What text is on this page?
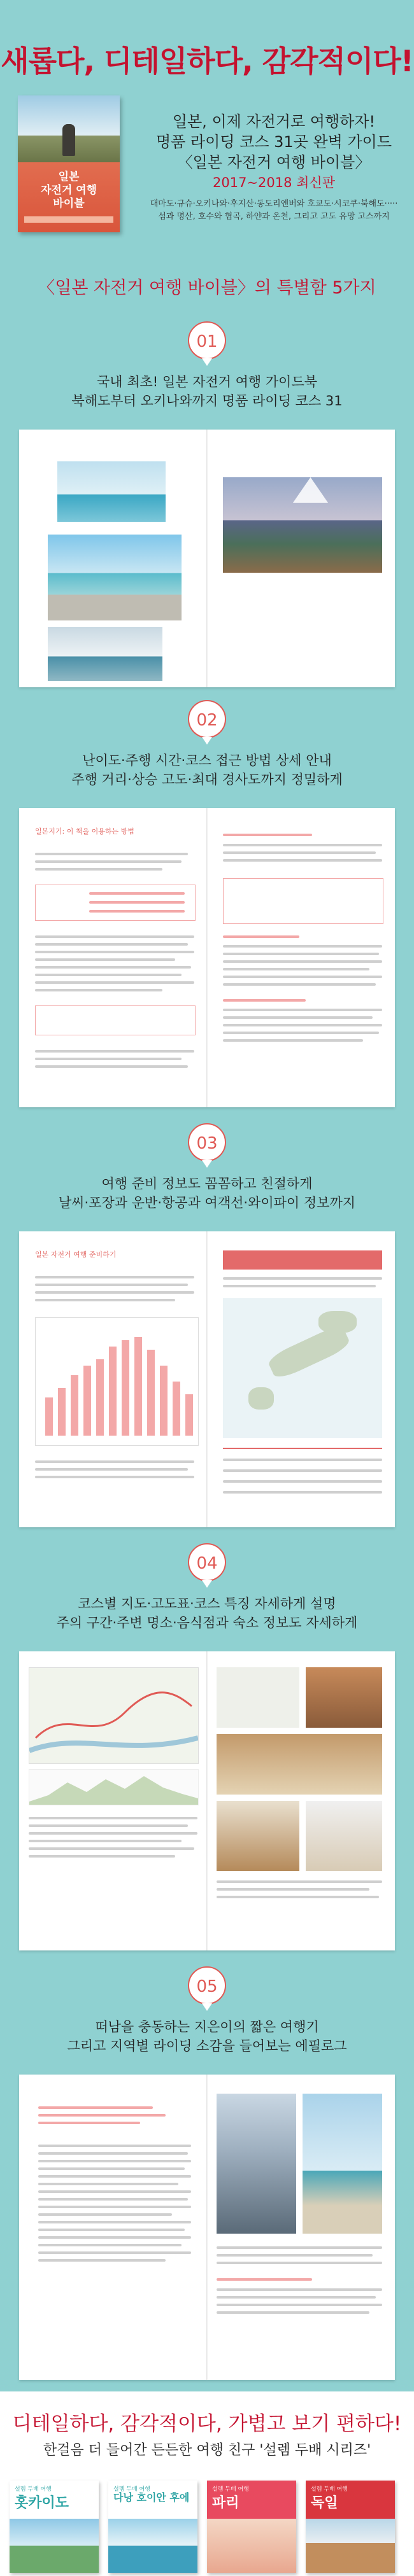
새롭다, 디테일하다, 감각적이다!
일본
자전거 여행
바이블
일본, 이제 자전거로 여행하자!
명품 라이딩 코스 31곳 완벽 가이드
〈일본 자전거 여행 바이블〉
2017~2018 최신판
대마도·규슈·오키나와·후지산·동도리엔버와 호쿄도·시코쿠·북해도·····
섬과 명산, 호수와 협곡, 하얀과 온천, 그리고 고도 유망 고스까지
〈일본 자전거 여행 바이블〉의 특별함 5가지
01
국내 최초! 일본 자전거 여행 가이드북
북해도부터 오키나와까지 명품 라이딩 코스 31
02
난이도·주행 시간·코스 접근 방법 상세 안내
주행 거리·상승 고도·최대 경사도까지 정밀하게
일본지기: 이 책을 이용하는 방법
03
여행 준비 정보도 꼼꼼하고 친절하게
날씨·포장과 운반·항공과 여객선·와이파이 정보까지
일본 자전거 여행 준비하기
04
코스별 지도·고도표·코스 특징 자세하게 설명
주의 구간·주변 명소·음식점과 숙소 정보도 자세하게
05
떠남을 충동하는 지은이의 짧은 여행기
그리고 지역별 라이딩 소감을 들어보는 에필로그
디테일하다, 감각적이다, 가볍고 보기 편하다!
한걸음 더 들어간 든든한 여행 친구 '설렘 두배 시리즈'
설렘 두배 여행
홋카이도
설렘 두배 여행
다낭 호이안 후에
설렘 두배 여행
파리
설렘 두배 여행
독일
